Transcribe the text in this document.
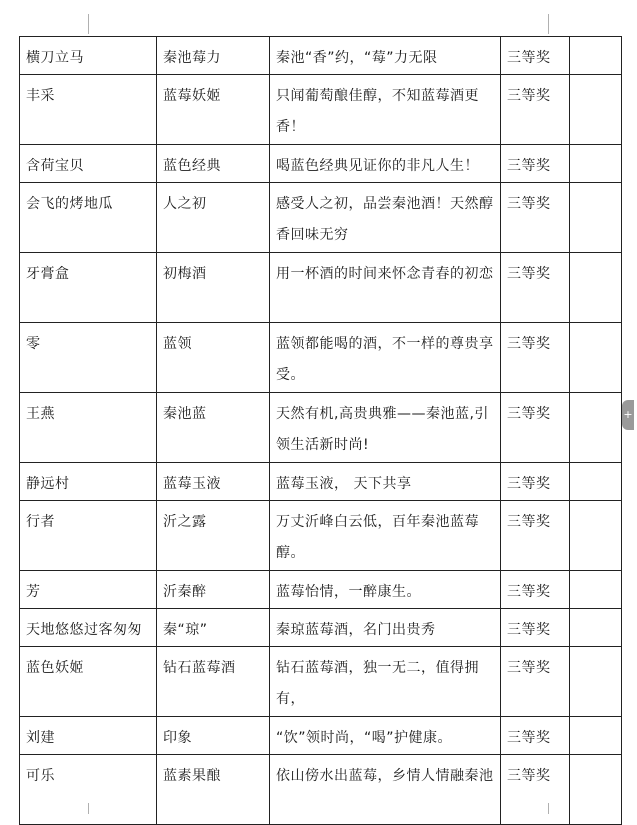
横刀立马	秦池莓力	秦池“香”约，“莓”力无限	三等奖	
丰采	蓝莓妖姬	只闻葡萄酿佳醇，不知蓝莓酒更香！	三等奖	
含荷宝贝	蓝色经典	喝蓝色经典见证你的非凡人生！	三等奖	
会飞的烤地瓜	人之初	感受人之初，品尝秦池酒！天然醇香回味无穷	三等奖	
牙膏盒	初梅酒	用一杯酒的时间来怀念青春的初恋	三等奖	
零	蓝领	蓝领都能喝的酒，不一样的尊贵享受。	三等奖	
王燕	秦池蓝	天然有机,高贵典雅——秦池蓝,引领生活新时尚!	三等奖	
静远村	蓝莓玉液	蓝莓玉液， 天下共享	三等奖	
行者	沂之露	万丈沂峰白云低，百年秦池蓝莓醇。	三等奖	
芳	沂秦醉	蓝莓怡情，一醉康生。	三等奖	
天地悠悠过客匆匆	秦“琼”	秦琼蓝莓酒，名门出贵秀	三等奖	
蓝色妖姬	钻石蓝莓酒	钻石蓝莓酒，独一无二，值得拥有，	三等奖	
刘建	印象	“饮”领时尚，“喝”护健康。	三等奖	
可乐	蓝素果酿	依山傍水出蓝莓，乡情人情融秦池	三等奖	
+
